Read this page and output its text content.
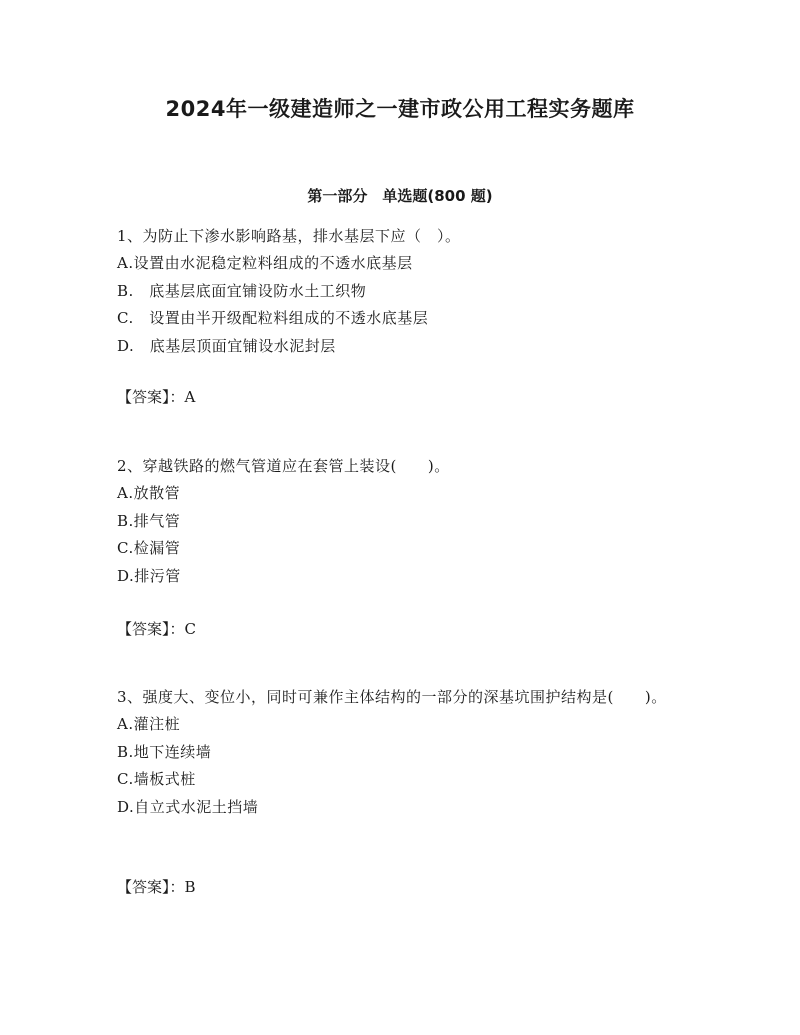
2024年一级建造师之一建市政公用工程实务题库
第一部分　单选题(800 题)

1、为防止下渗水影响路基，排水基层下应（　）。

A.设置由水泥稳定粒料组成的不透水底基层

B.　底基层底面宜铺设防水土工织物

C.　设置由半开级配粒料组成的不透水底基层

D.　底基层顶面宜铺设水泥封层

【答案】：A

2、穿越铁路的燃气管道应在套管上装设(　　)。

A.放散管

B.排气管

C.检漏管

D.排污管

【答案】：C

3、强度大、变位小，同时可兼作主体结构的一部分的深基坑围护结构是(　　)。

A.灌注桩

B.地下连续墙

C.墙板式桩

D.自立式水泥土挡墙

【答案】：B
